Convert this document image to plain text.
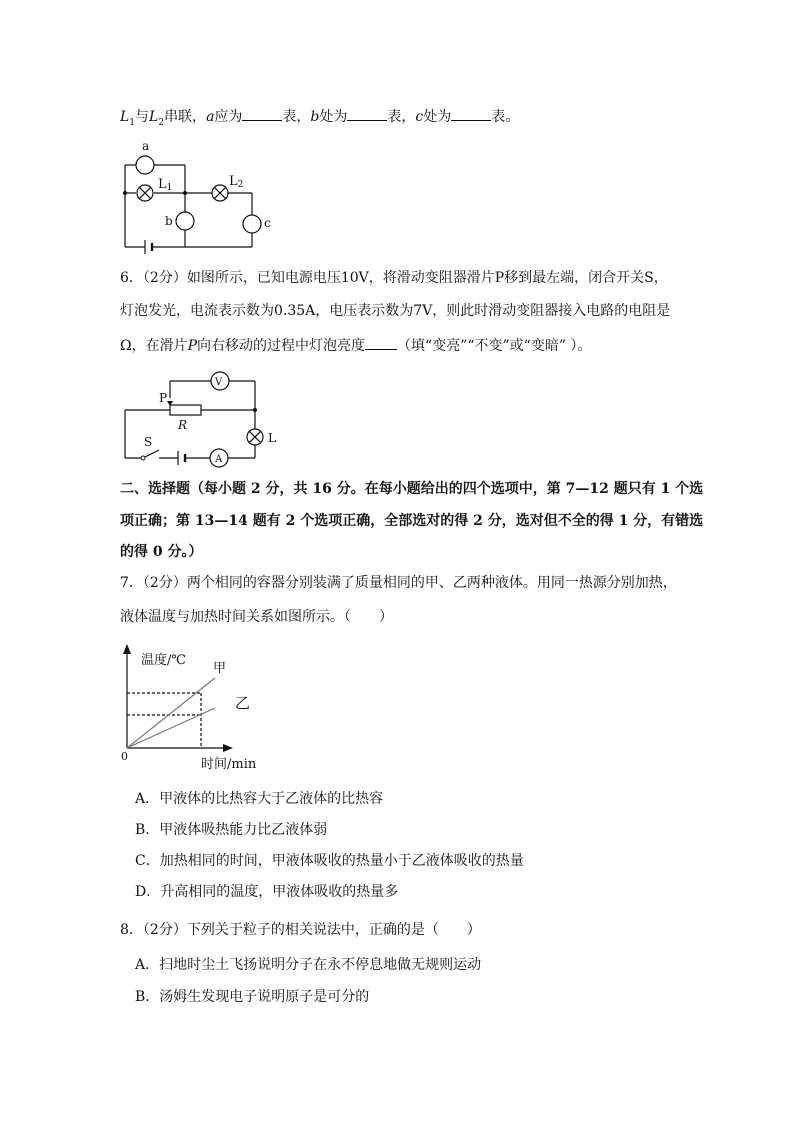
$L_1$与$L_2$串联，a应为	表，b处为	表，c处为	表。
a
L1	L2
b	c
6．（2分）如图所示，已知电源电压10V，将滑动变阻器滑片P移到最左端，闭合开关S，
灯泡发光，电流表示数为0.35A，电压表示数为7V，则此时滑动变阻器接入电路的电阻是
Ω，在滑片P向右移动的过程中灯泡亮度 （填“变亮”“不变”或“变暗” ）。
V
P
R
S
A
L
二、选择题（每小题 2 分，共 16 分。在每小题给出的四个选项中，第 7—12 题只有 1 个选
项正确；第 13—14 题有 2 个选项正确，全部选对的得 2 分，选对但不全的得 1 分，有错选
的得 0 分。）
7．（2分）两个相同的容器分别装满了质量相同的甲、乙两种液体。用同一热源分别加热，
液体温度与加热时间关系如图所示。（　　）
温度/℃
甲
乙
0
时间/min
A．甲液体的比热容大于乙液体的比热容
B．甲液体吸热能力比乙液体弱
C．加热相同的时间，甲液体吸收的热量小于乙液体吸收的热量
D．升高相同的温度，甲液体吸收的热量多
8．（2分）下列关于粒子的相关说法中，正确的是（　　）
A．扫地时尘土飞扬说明分子在永不停息地做无规则运动
B．汤姆生发现电子说明原子是可分的
